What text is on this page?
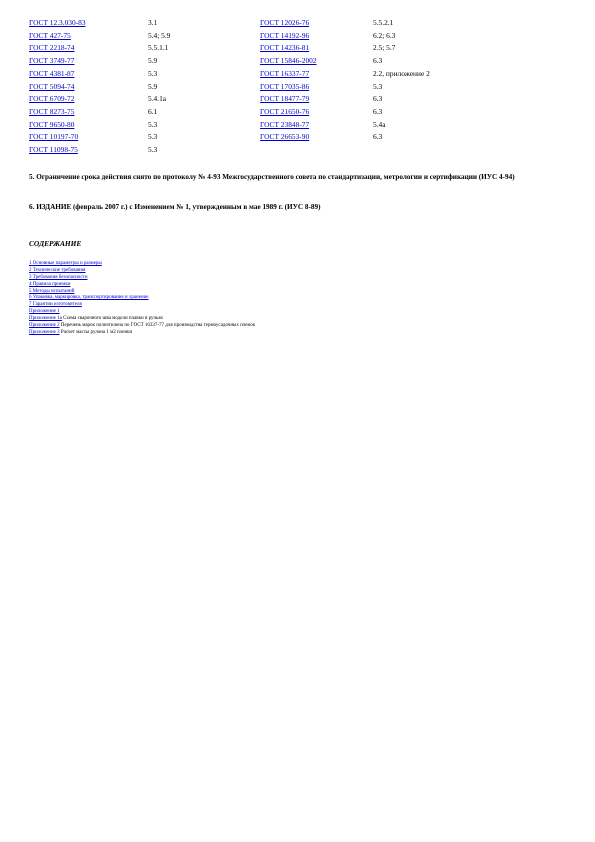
ГОСТ 12.3.030-83	3.1	ГОСТ 12026-76	5.5.2.1
ГОСТ 427-75	5.4; 5.9	ГОСТ 14192-96	6.2; 6.3
ГОСТ 2218-74	5.5.1.1	ГОСТ 14236-81	2.5; 5.7
ГОСТ 3749-77	5.9	ГОСТ 15846-2002	6.3
ГОСТ 4381-87	5.3	ГОСТ 16337-77	2.2, приложение 2
ГОСТ 5094-74	5.9	ГОСТ 17035-86	5.3
ГОСТ 6709-72	5.4.1а	ГОСТ 18477-79	6.3
ГОСТ 8273-75	6.1	ГОСТ 21650-76	6.3
ГОСТ 9650-80	5.3	ГОСТ 23848-77	5.4а
ГОСТ 10197-70	5.3	ГОСТ 26653-90	6.3
ГОСТ 11098-75	5.3		

5. Ограничение срока действия снято по протоколу № 4-93 Межгосударственного совета по стандартизации, метрологии и сертификации (ИУС 4-94)

6. ИЗДАНИЕ (февраль 2007 г.) с Изменением № 1, утвержденным в мае 1989 г. (ИУС 8-89)

СОДЕРЖАНИЕ
1 Основные параметры и размеры
2 Технические требования
3 Требования безопасности
4 Правила приемки
5 Методы испытаний
6 Упаковка, маркировка, транспортирование и хранение
7 Гарантии изготовителя
Приложение 1
Приложение 1а Схема сварочного шва модели плавки в ручьях
Приложение 2 Перечень марок полиэтилена по ГОСТ 16337-77 для производства термоусадочных пленок
Приложение 3 Расчет массы рулона 1 м2 пленки
